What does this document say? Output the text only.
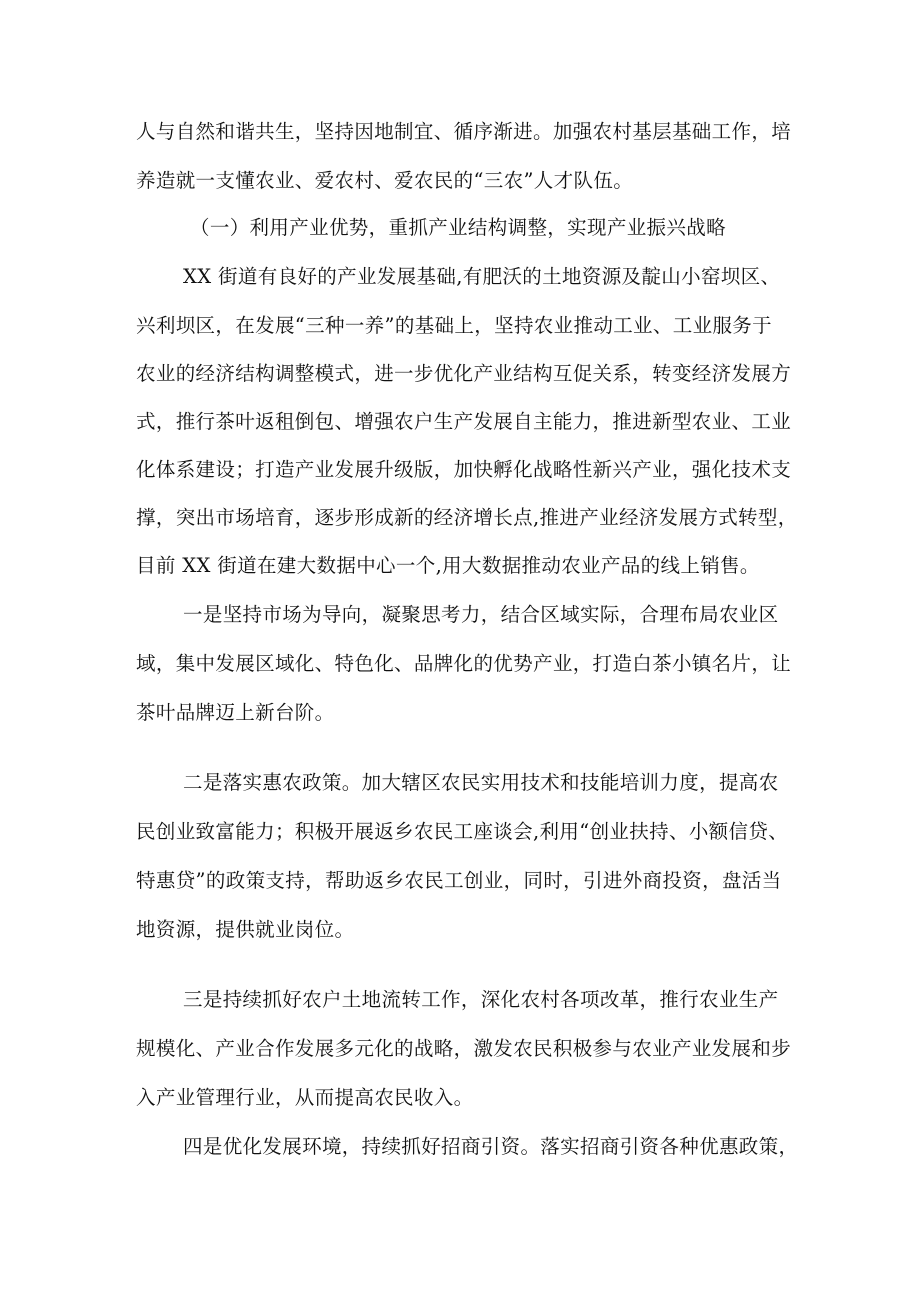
人与自然和谐共生，坚持因地制宜、循序渐进。加强农村基层基础工作，培
养造就一支懂农业、爱农村、爱农民的“三农”人才队伍。
（一）利用产业优势，重抓产业结构调整，实现产业振兴战略
XX 街道有良好的产业发展基础,有肥沃的土地资源及靛山小窑坝区、
兴利坝区，在发展“三种一养”的基础上，坚持农业推动工业、工业服务于
农业的经济结构调整模式，进一步优化产业结构互促关系，转变经济发展方
式，推行茶叶返租倒包、增强农户生产发展自主能力，推进新型农业、工业
化体系建设；打造产业发展升级版，加快孵化战略性新兴产业，强化技术支
撑，突出市场培育，逐步形成新的经济增长点,推进产业经济发展方式转型，
目前 XX 街道在建大数据中心一个,用大数据推动农业产品的线上销售。
一是坚持市场为导向，凝聚思考力，结合区域实际，合理布局农业区
域，集中发展区域化、特色化、品牌化的优势产业，打造白茶小镇名片，让
茶叶品牌迈上新台阶。
二是落实惠农政策。加大辖区农民实用技术和技能培训力度，提高农
民创业致富能力；积极开展返乡农民工座谈会,利用“创业扶持、小额信贷、
特惠贷”的政策支持，帮助返乡农民工创业，同时，引进外商投资，盘活当
地资源，提供就业岗位。
三是持续抓好农户土地流转工作，深化农村各项改革，推行农业生产
规模化、产业合作发展多元化的战略，激发农民积极参与农业产业发展和步
入产业管理行业，从而提高农民收入。
四是优化发展环境，持续抓好招商引资。落实招商引资各种优惠政策，
